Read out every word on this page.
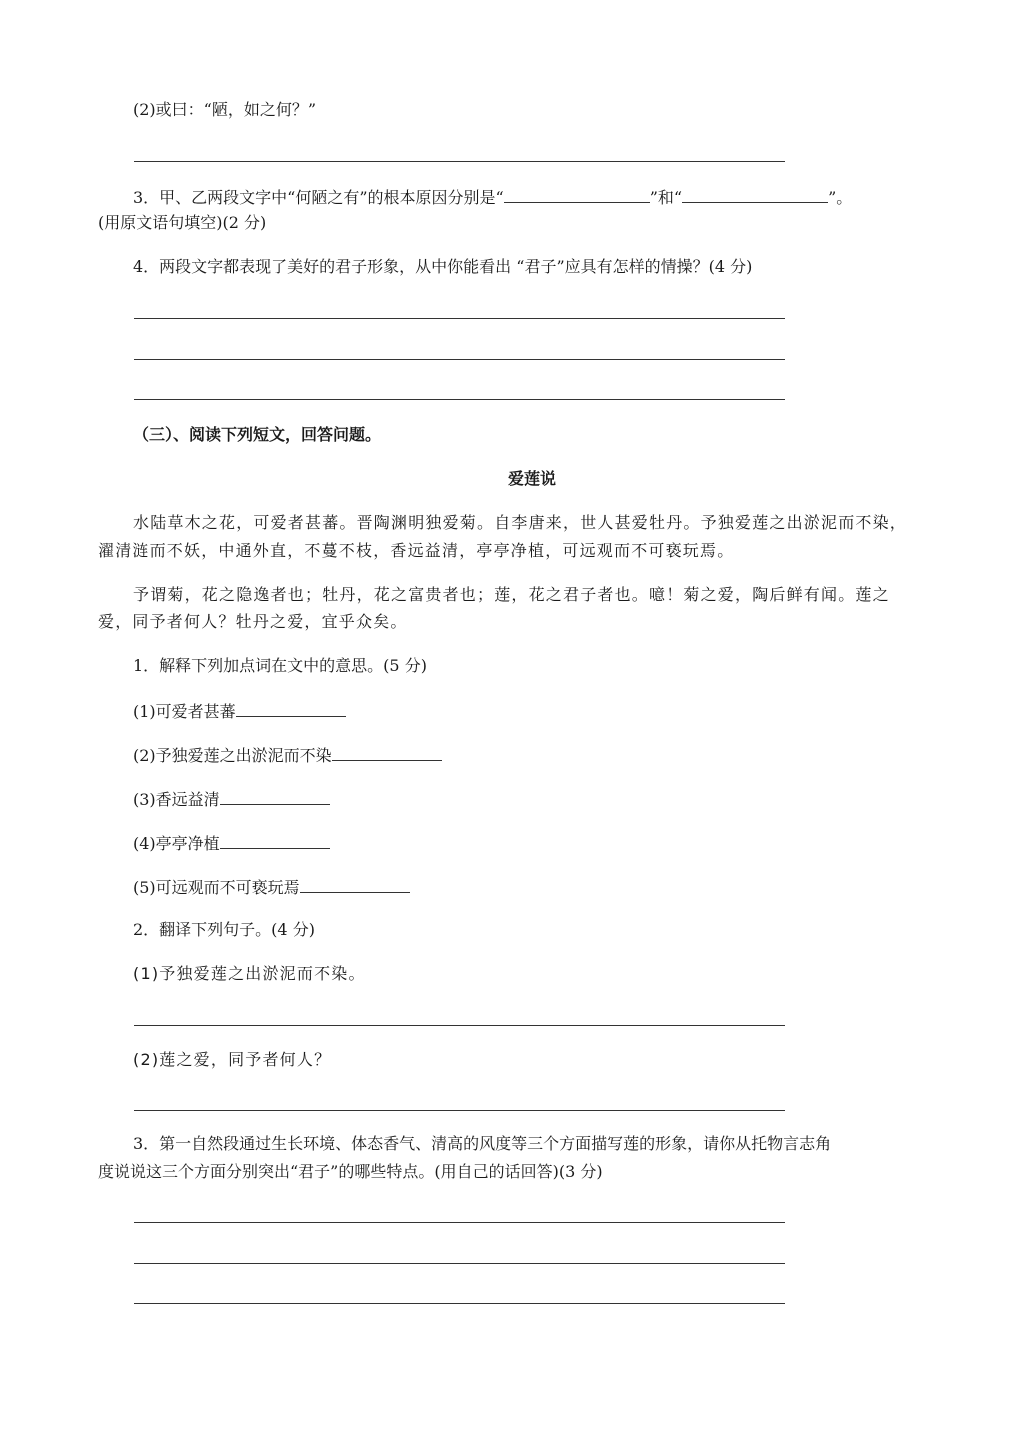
(2)或曰：“陋，如之何？”
3．甲、乙两段文字中“何陋之有”的根本原因分别是“	”和“	”。
(用原文语句填空)(2 分)
4．两段文字都表现了美好的君子形象，从中你能看出 “君子”应具有怎样的情操？(4 分)
（三）、阅读下列短文，回答问题。
爱莲说
水陆草木之花，可爱者甚蕃。晋陶渊明独爱菊。自李唐来，世人甚爱牡丹。予独爱莲之出淤泥而不染，
濯清涟而不妖，中通外直，不蔓不枝，香远益清，亭亭净植，可远观而不可亵玩焉。
予谓菊，花之隐逸者也；牡丹，花之富贵者也；莲，花之君子者也。噫！菊之爱，陶后鲜有闻。莲之
爱，同予者何人？牡丹之爱，宜乎众矣。
1．解释下列加点词在文中的意思。(5 分)
(1)可爱者甚蕃
(2)予独爱莲之出淤泥而不染
(3)香远益清
(4)亭亭净植
(5)可远观而不可亵玩焉
2．翻译下列句子。(4 分)
(1)予独爱莲之出淤泥而不染。
(2)莲之爱，同予者何人？
3．第一自然段通过生长环境、体态香气、清高的风度等三个方面描写莲的形象，请你从托物言志角
度说说这三个方面分别突出“君子”的哪些特点。(用自己的话回答)(3 分)
